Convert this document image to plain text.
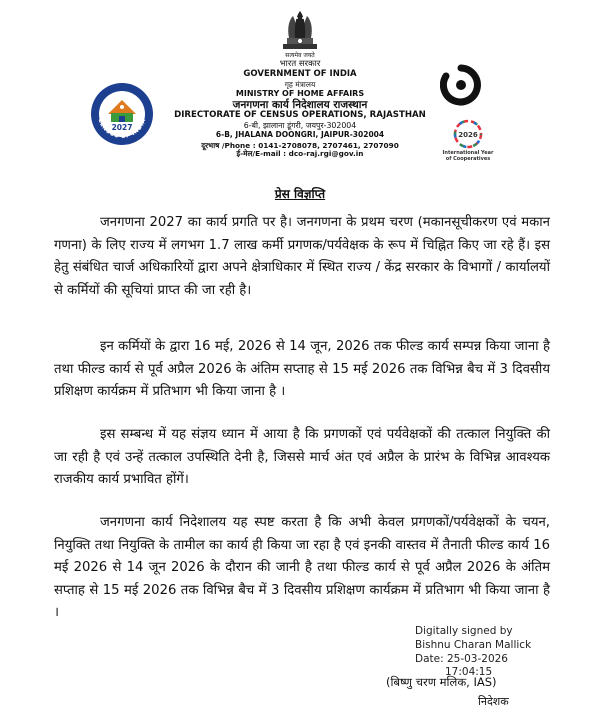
सत्यमेव जयते
भारत सरकार
GOVERNMENT OF INDIA
गृह मंत्रालय
MINISTRY OF HOME AFFAIRS
जनगणना कार्य निदेशालय राजस्थान
DIRECTORATE OF CENSUS OPERATIONS, RAJASTHAN
6-बी, झालाना डूंगरी, जयपुर-302004
6-B, JHALANA DOONGRI, JAIPUR-302004
दूरभाष /Phone : 0141-2708078, 2707461, 2707090
ई-मेल/E-mail : dco-raj.rgi@gov.in
2027
CENSUS OF INDIA
2026
International Year
of Cooperatives
प्रेस विज्ञप्ति

जनगणना 2027 का कार्य प्रगति पर है। जनगणना के प्रथम चरण (मकानसूचीकरण एवं मकान गणना) के लिए राज्य में लगभग 1.7 लाख कर्मी प्रगणक/पर्यवेक्षक के रूप में चिह्नित किए जा रहे हैं। इस हेतु संबंधित चार्ज अधिकारियों द्वारा अपने क्षेत्राधिकार में स्थित राज्य / केंद्र सरकार के विभागों / कार्यालयों से कर्मियों की सूचियां प्राप्त की जा रही है।

इन कर्मियों के द्वारा 16 मई, 2026 से 14 जून, 2026 तक फील्ड कार्य सम्पन्न किया जाना है तथा फील्ड कार्य से पूर्व अप्रैल 2026 के अंतिम सप्ताह से 15 मई 2026 तक विभिन्न बैच में 3 दिवसीय प्रशिक्षण कार्यक्रम में प्रतिभाग भी किया जाना है ।

इस सम्बन्ध में यह संज्ञय ध्यान में आया है कि प्रगणकों एवं पर्यवेक्षकों की तत्काल नियुक्ति की जा रही है एवं उन्हें तत्काल उपस्थिति देनी है, जिससे मार्च अंत एवं अप्रैल के प्रारंभ के विभिन्न आवश्यक राजकीय कार्य प्रभावित होंगें।

जनगणना कार्य निदेशालय यह स्पष्ट करता है कि अभी केवल प्रगणकों/पर्यवेक्षकों के चयन, नियुक्ति तथा नियुक्ति के तामील का कार्य ही किया जा रहा है एवं इनकी वास्तव में तैनाती फील्ड कार्य 16 मई 2026 से 14 जून 2026 के दौरान की जानी है तथा फील्ड कार्य से पूर्व अप्रैल 2026 के अंतिम सप्ताह से 15 मई 2026 तक विभिन्न बैच में 3 दिवसीय प्रशिक्षण कार्यक्रम में प्रतिभाग भी किया जाना है ।

Digitally signed by
Bishnu Charan Mallick
Date: 25-03-2026
17:04:15
(बिष्णु चरण मलिक, IAS)
निदेशक
